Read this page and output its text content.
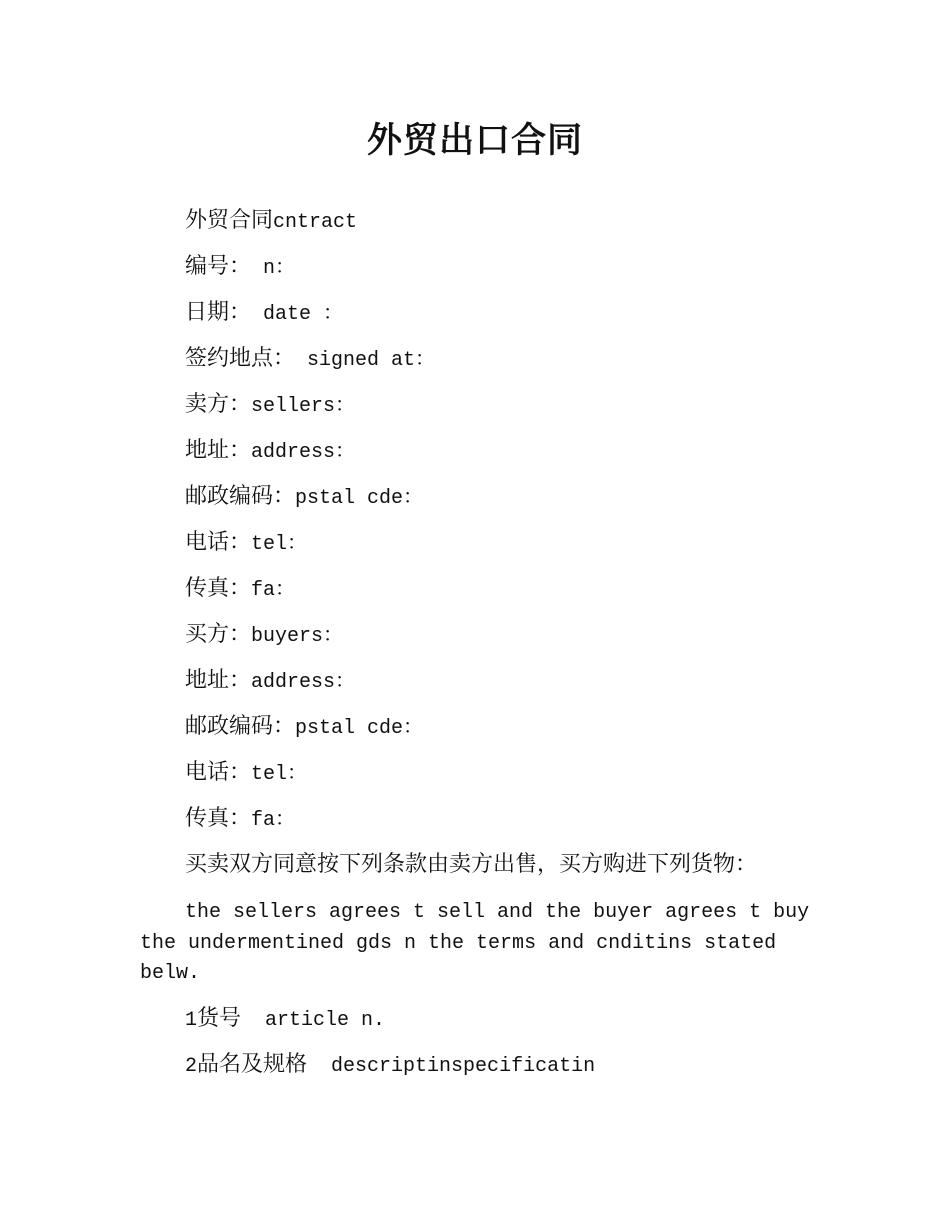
外贸出口合同
外贸合同cntract
编号： n：
日期： date ：
签约地点： signed at：
卖方：sellers：
地址：address：
邮政编码：pstal cde：
电话：tel：
传真：fa：
买方：buyers：
地址：address：
邮政编码：pstal cde：
电话：tel：
传真：fa：
买卖双方同意按下列条款由卖方出售，买方购进下列货物：
the sellers agrees t sell and the buyer agrees t buy the undermentined gds n the terms and cnditins stated belw.
1货号  article n.
2品名及规格  descriptinspecificatin
